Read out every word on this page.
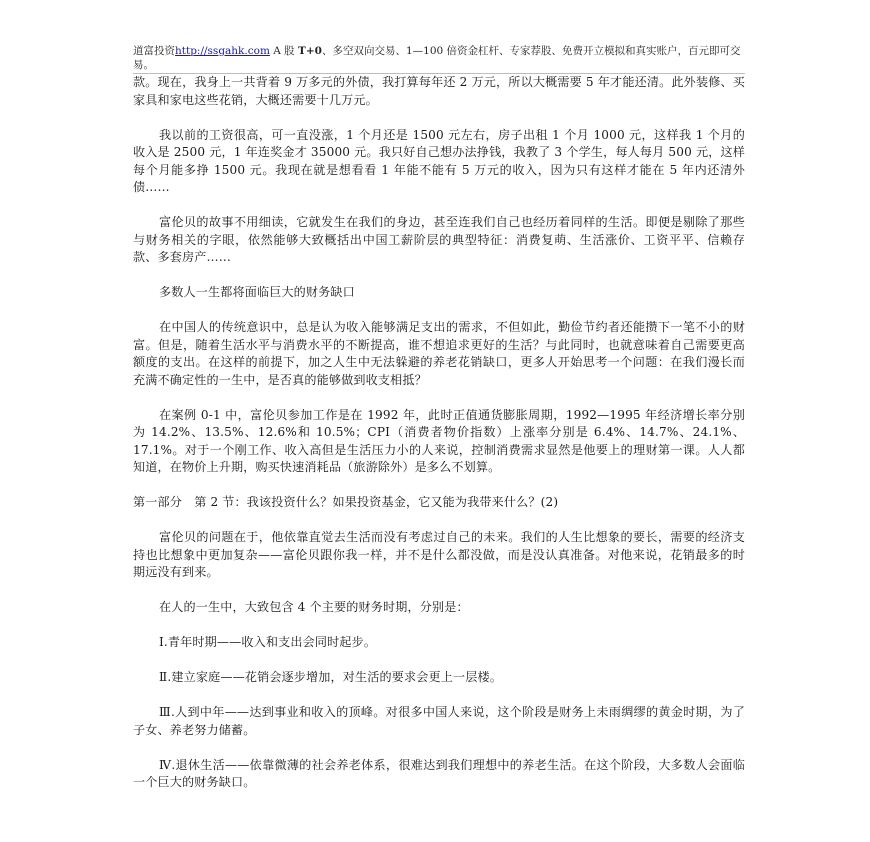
道富投资http://ssgahk.com A 股 T+0、多空双向交易、1—100 倍资金杠杆、专家荐股、免费开立模拟和真实账户，百元即可交易。

款。现在，我身上一共背着 9 万多元的外债，我打算每年还 2 万元，所以大概需要 5 年才能还清。此外装修、买家具和家电这些花销，大概还需要十几万元。

我以前的工资很高，可一直没涨，1 个月还是 1500 元左右，房子出租 1 个月 1000 元，这样我 1 个月的收入是 2500 元，1 年连奖金才 35000 元。我只好自己想办法挣钱，我教了 3 个学生，每人每月 500 元，这样每个月能多挣 1500 元。我现在就是想看看 1 年能不能有 5 万元的收入，因为只有这样才能在 5 年内还清外债……

富伦贝的故事不用细读，它就发生在我们的身边，甚至连我们自己也经历着同样的生活。即便是剔除了那些与财务相关的字眼，依然能够大致概括出中国工薪阶层的典型特征：消费复萌、生活涨价、工资平平、信赖存款、多套房产……

多数人一生都将面临巨大的财务缺口

在中国人的传统意识中，总是认为收入能够满足支出的需求，不但如此，勤俭节约者还能攒下一笔不小的财富。但是，随着生活水平与消费水平的不断提高，谁不想追求更好的生活？与此同时，也就意味着自己需要更高额度的支出。在这样的前提下，加之人生中无法躲避的养老花销缺口，更多人开始思考一个问题：在我们漫长而充满不确定性的一生中，是否真的能够做到收支相抵？

在案例 0-1 中，富伦贝参加工作是在 1992 年，此时正值通货膨胀周期，1992—1995 年经济增长率分别为 14.2%、13.5%、12.6%和 10.5%；CPI（消费者物价指数）上涨率分别是 6.4%、14.7%、24.1%、17.1%。对于一个刚工作、收入高但是生活压力小的人来说，控制消费需求显然是他要上的理财第一课。人人都知道，在物价上升期，购买快速消耗品（旅游除外）是多么不划算。

第一部分　第 2 节：我该投资什么？如果投资基金，它又能为我带来什么？(2)

富伦贝的问题在于，他依靠直觉去生活而没有考虑过自己的未来。我们的人生比想象的要长，需要的经济支持也比想象中更加复杂——富伦贝跟你我一样，并不是什么都没做，而是没认真准备。对他来说，花销最多的时期远没有到来。

在人的一生中，大致包含 4 个主要的财务时期，分别是：

Ⅰ.青年时期——收入和支出会同时起步。

Ⅱ.建立家庭——花销会逐步增加，对生活的要求会更上一层楼。

Ⅲ.人到中年——达到事业和收入的顶峰。对很多中国人来说，这个阶段是财务上未雨绸缪的黄金时期，为了子女、养老努力储蓄。

Ⅳ.退休生活——依靠微薄的社会养老体系，很难达到我们理想中的养老生活。在这个阶段，大多数人会面临一个巨大的财务缺口。
